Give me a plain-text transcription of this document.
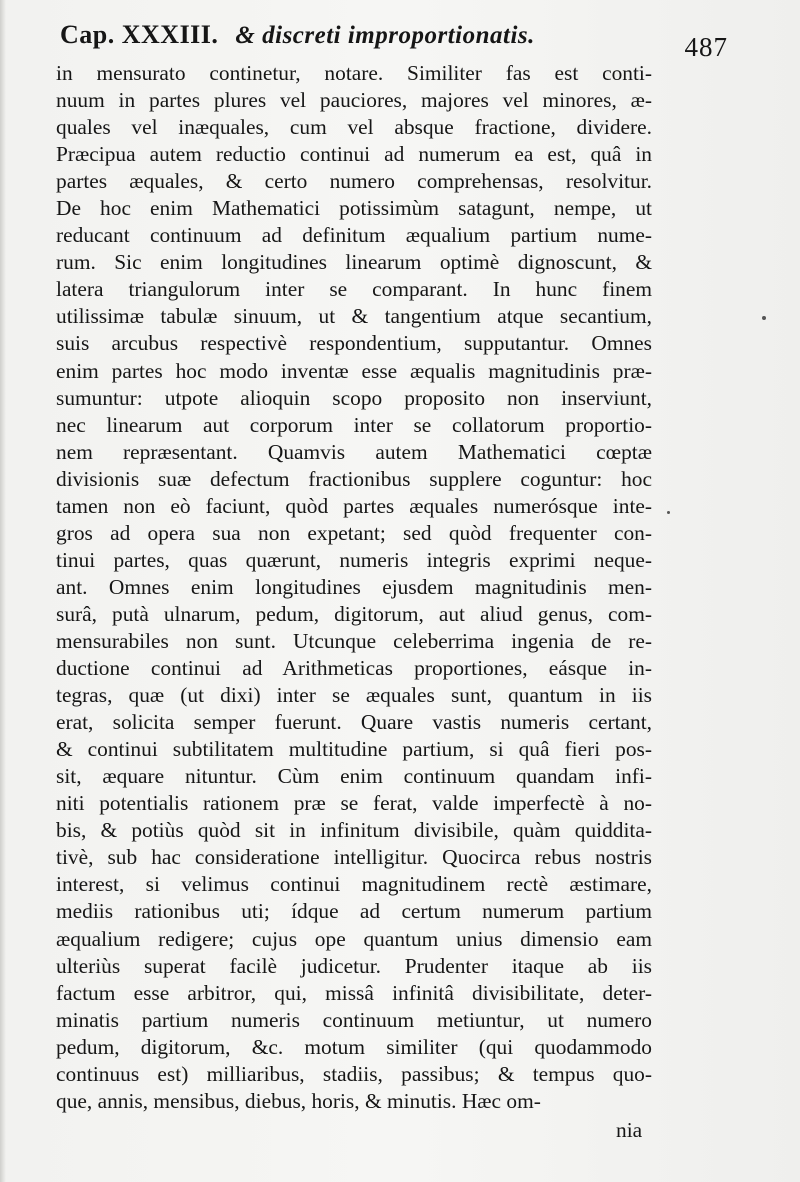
Cap. XXXIII. & discreti improportionatis.	487
in mensurato continetur, notare. Similiter fas est conti-
nuum in partes plures vel pauciores, majores vel minores, æ-
quales vel inæquales, cum vel absque fractione, dividere.
Præcipua autem reductio continui ad numerum ea est, quâ in
partes æquales, & certo numero comprehensas, resolvitur.
De hoc enim Mathematici potissimùm satagunt, nempe, ut
reducant continuum ad definitum æqualium partium nume-
rum. Sic enim longitudines linearum optimè dignoscunt, &
latera triangulorum inter se comparant. In hunc finem
utilissimæ tabulæ sinuum, ut & tangentium atque secantium,
suis arcubus respectivè respondentium, supputantur. Omnes
enim partes hoc modo inventæ esse æqualis magnitudinis præ-
sumuntur: utpote alioquin scopo proposito non inserviunt,
nec linearum aut corporum inter se collatorum proportio-
nem repræsentant. Quamvis autem Mathematici cœptæ
divisionis suæ defectum fractionibus supplere coguntur: hoc
tamen non eò faciunt, quòd partes æquales numerósque inte-
gros ad opera sua non expetant; sed quòd frequenter con-
tinui partes, quas quærunt, numeris integris exprimi neque-
ant. Omnes enim longitudines ejusdem magnitudinis men-
surâ, putà ulnarum, pedum, digitorum, aut aliud genus, com-
mensurabiles non sunt. Utcunque celeberrima ingenia de re-
ductione continui ad Arithmeticas proportiones, eásque in-
tegras, quæ (ut dixi) inter se æquales sunt, quantum in iis
erat, solicita semper fuerunt. Quare vastis numeris certant,
& continui subtilitatem multitudine partium, si quâ fieri pos-
sit, æquare nituntur. Cùm enim continuum quandam infi-
niti potentialis rationem præ se ferat, valde imperfectè à no-
bis, & potiùs quòd sit in infinitum divisibile, quàm quiddita-
tivè, sub hac consideratione intelligitur. Quocirca rebus nostris
interest, si velimus continui magnitudinem rectè æstimare,
mediis rationibus uti; ídque ad certum numerum partium
æqualium redigere; cujus ope quantum unius dimensio eam
ulteriùs superat facilè judicetur. Prudenter itaque ab iis
factum esse arbitror, qui, missâ infinitâ divisibilitate, deter-
minatis partium numeris continuum metiuntur, ut numero
pedum, digitorum, &c. motum similiter (qui quodammodo
continuus est) milliaribus, stadiis, passibus; & tempus quo-
que, annis, mensibus, diebus, horis, & minutis. Hæc om-
nia
